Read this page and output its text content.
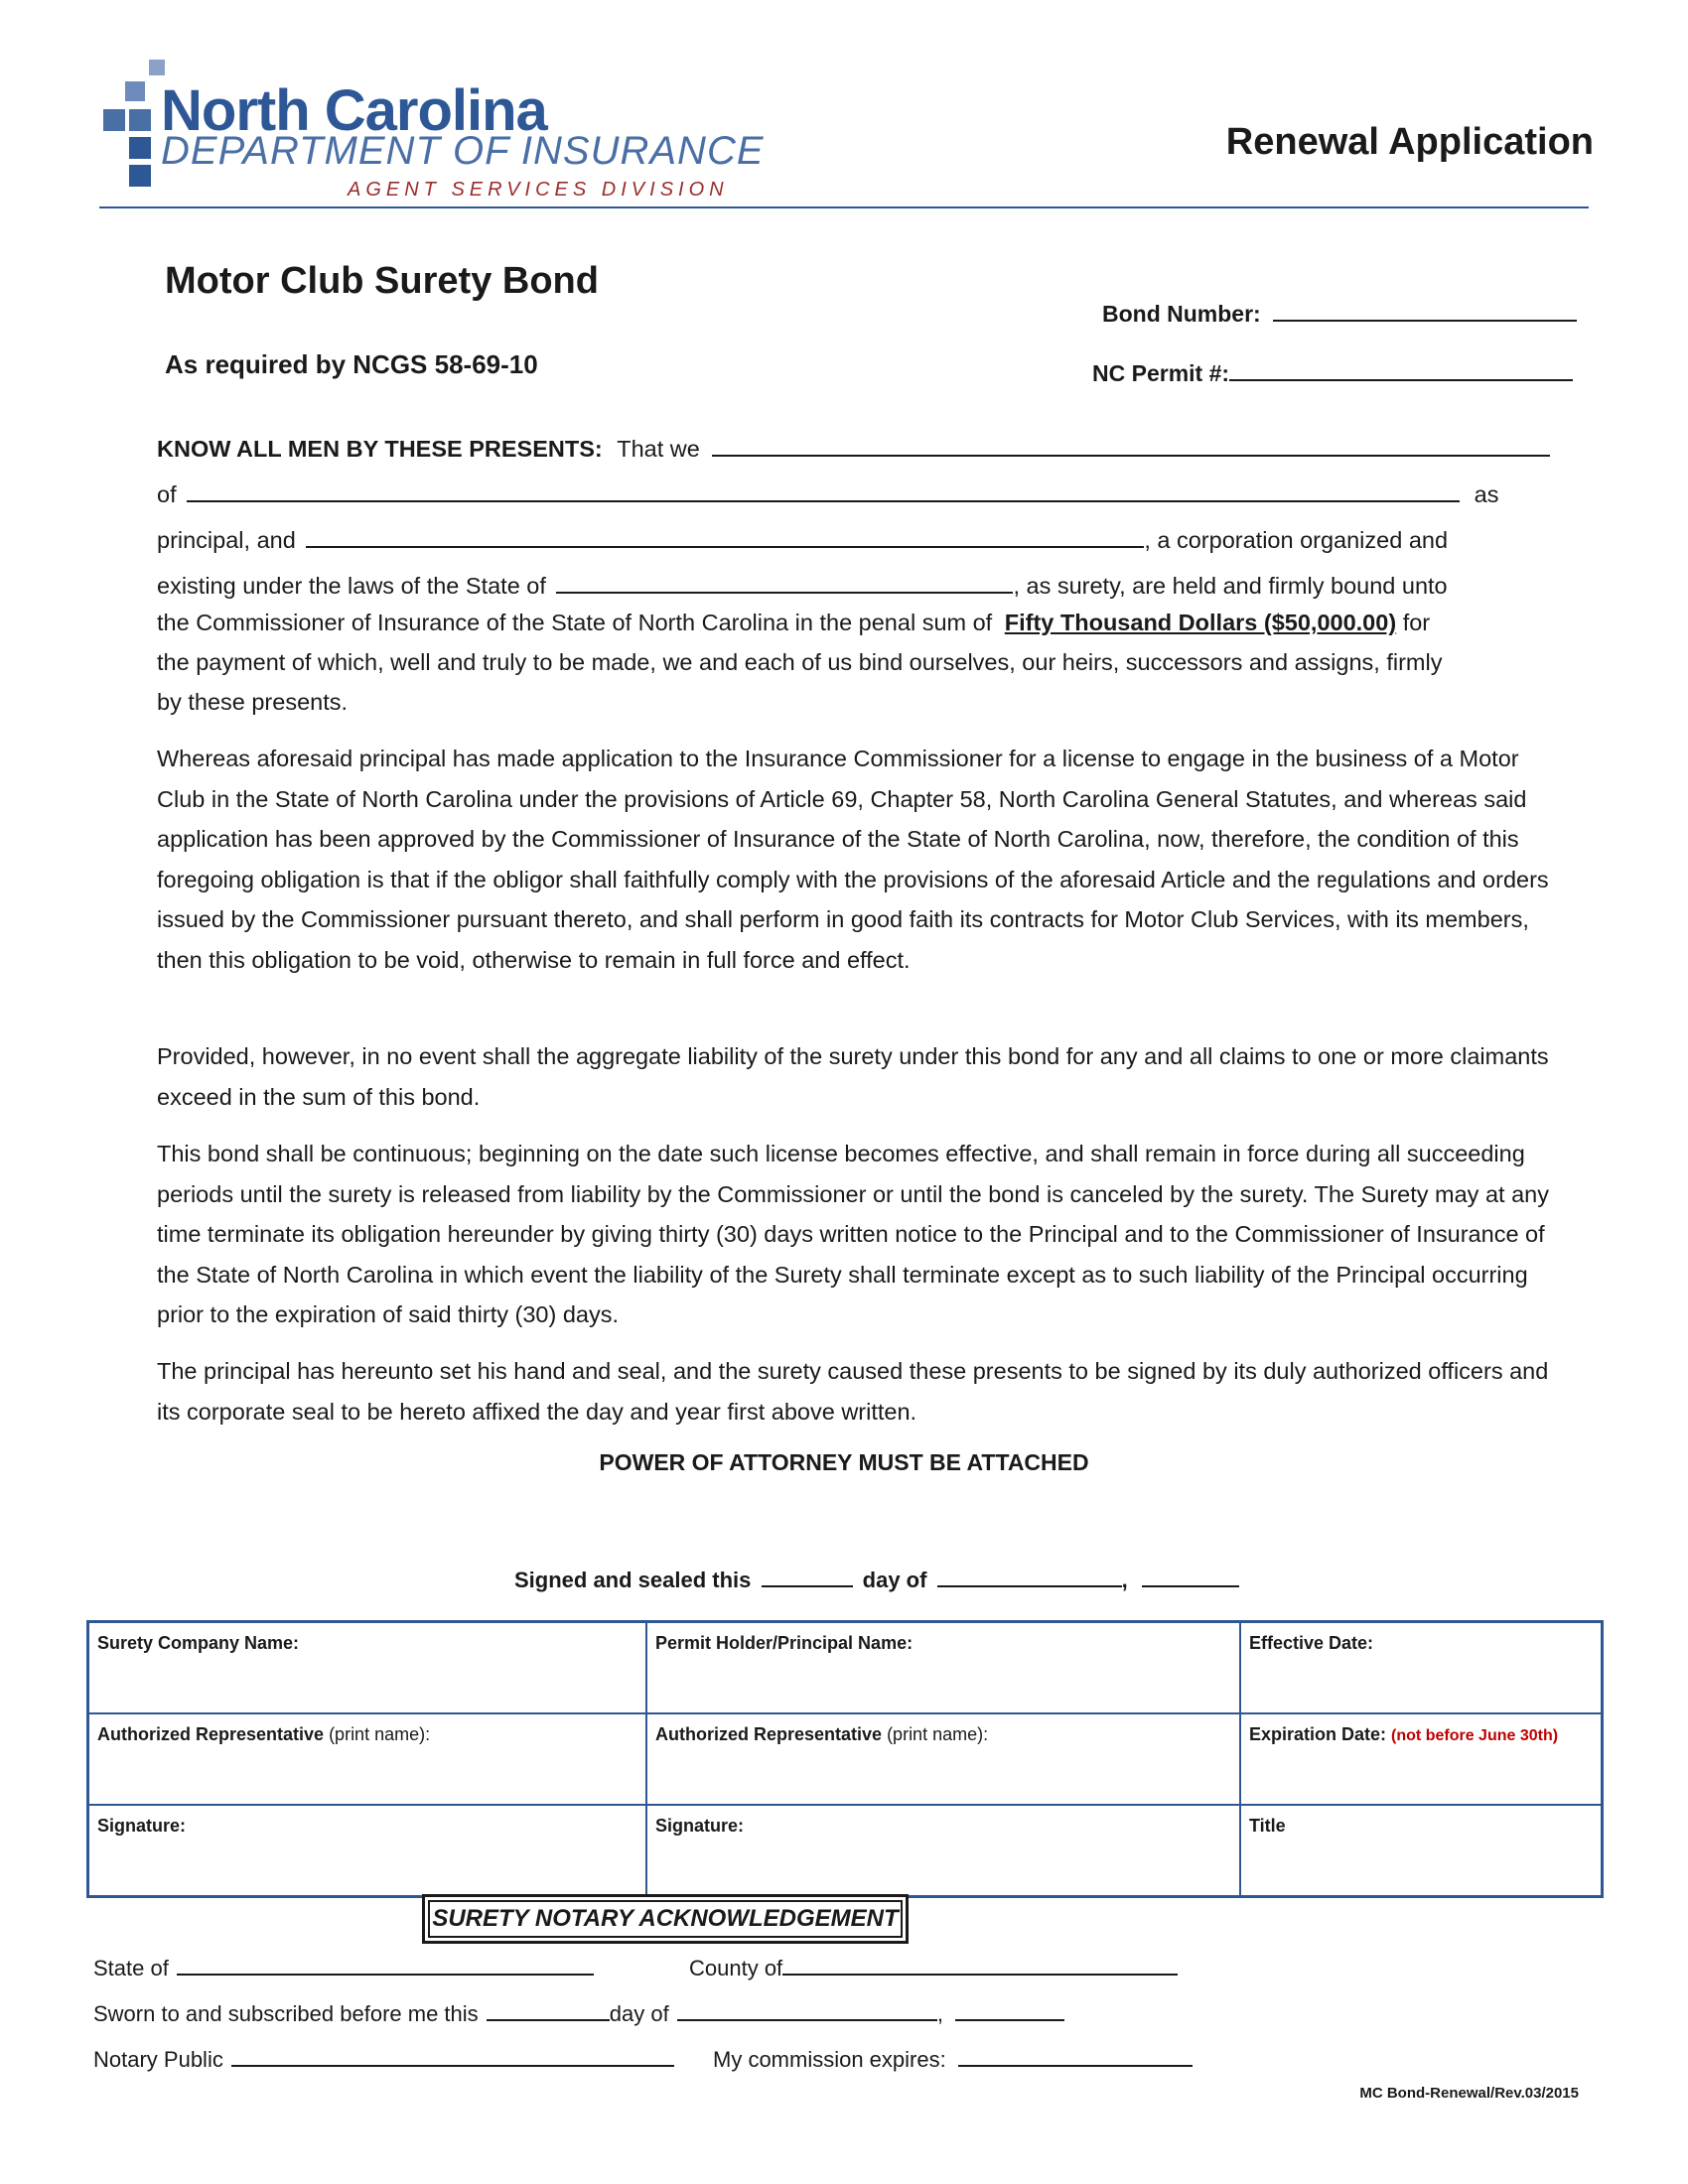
North Carolina
DEPARTMENT OF INSURANCE
AGENT SERVICES DIVISION
Renewal Application
Motor Club Surety Bond
As required by NCGS 58-69-10
Bond Number:
NC Permit #:
KNOW ALL MEN BY THESE PRESENTS: That we
of	as
principal, and	, a corporation organized and
existing under the laws of the State of	, as surety, are held and firmly bound unto
the Commissioner of Insurance of the State of North Carolina in the penal sum of Fifty Thousand Dollars ($50,000.00) for
the payment of which, well and truly to be made, we and each of us bind ourselves, our heirs, successors and assigns, firmly
by these presents.
Whereas aforesaid principal has made application to the Insurance Commissioner for a license to engage in the business of a Motor Club in the State of North Carolina under the provisions of Article 69, Chapter 58, North Carolina General Statutes, and whereas said application has been approved by the Commissioner of Insurance of the State of North Carolina, now, therefore, the condition of this foregoing obligation is that if the obligor shall faithfully comply with the provisions of the aforesaid Article and the regulations and orders issued by the Commissioner pursuant thereto, and shall perform in good faith its contracts for Motor Club Services, with its members, then this obligation to be void, otherwise to remain in full force and effect.
Provided, however, in no event shall the aggregate liability of the surety under this bond for any and all claims to one or more claimants exceed in the sum of this bond.
This bond shall be continuous; beginning on the date such license becomes effective, and shall remain in force during all succeeding periods until the surety is released from liability by the Commissioner or until the bond is canceled by the surety. The Surety may at any time terminate its obligation hereunder by giving thirty (30) days written notice to the Principal and to the Commissioner of Insurance of the State of North Carolina in which event the liability of the Surety shall terminate except as to such liability of the Principal occurring prior to the expiration of said thirty (30) days.
The principal has hereunto set his hand and seal, and the surety caused these presents to be signed by its duly authorized officers and its corporate seal to be hereto affixed the day and year first above written.
POWER OF ATTORNEY MUST BE ATTACHED
Signed and sealed this	day of	,
Surety Company Name:	Permit Holder/Principal Name:	Effective Date:
Authorized Representative (print name):	Authorized Representative (print name):	Expiration Date: (not before June 30th)
Signature:	Signature:	Title
SURETY NOTARY ACKNOWLEDGEMENT
State of	County of
Sworn to and subscribed before me this	day of	,
Notary Public	My commission expires:
MC Bond-Renewal/Rev.03/2015
